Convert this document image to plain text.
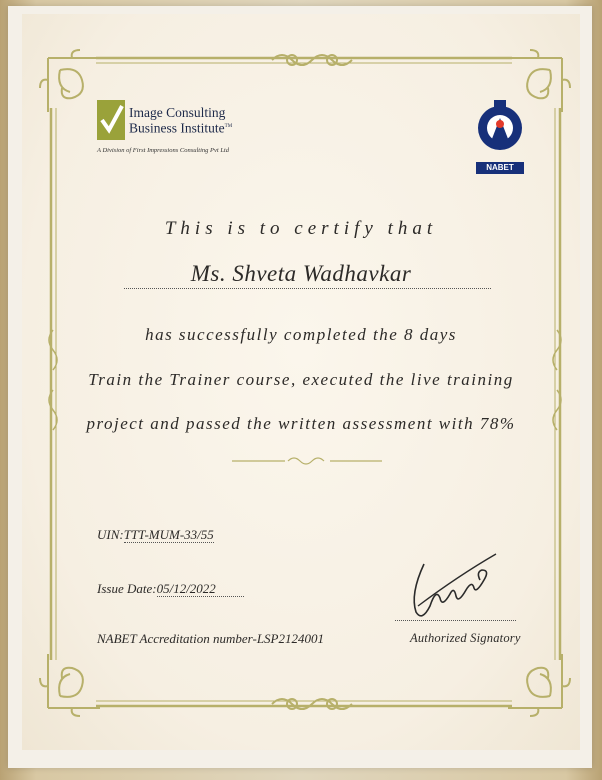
Image Consulting
Business Institute™
A Division of First Impressions Consulting Pvt Ltd
NABET
This is to certify that
Ms. Shveta Wadhavkar
has successfully completed the 8 days
Train the Trainer course, executed the live training
project and passed the written assessment with 78%
UIN:TTT-MUM-33/55
Issue Date:05/12/2022
NABET Accreditation number-LSP2124001	Authorized Signatory
